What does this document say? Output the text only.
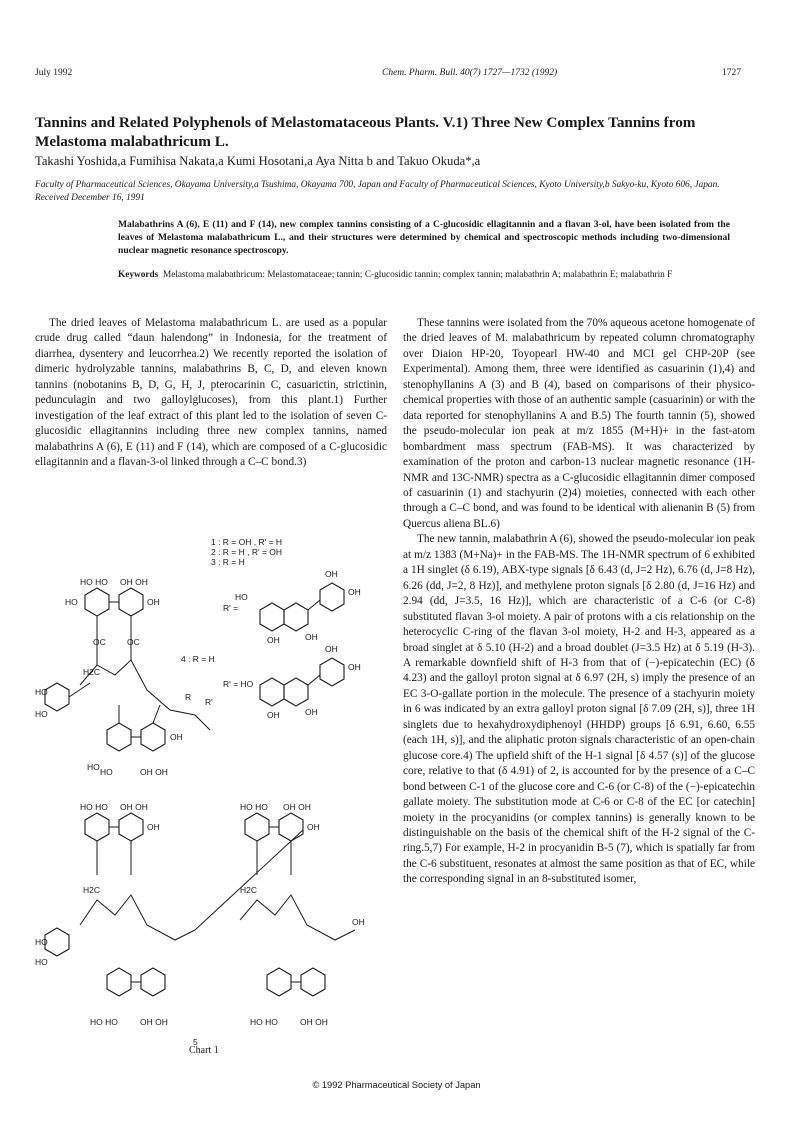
July 1992	Chem. Pharm. Bull. 40(7) 1727—1732 (1992)	1727
Tannins and Related Polyphenols of Melastomataceous Plants. V.1) Three New Complex Tannins from Melastoma malabathricum L.
Takashi Yoshida,a Fumihisa Nakata,a Kumi Hosotani,a Aya Nitta b and Takuo Okuda*,a
Faculty of Pharmaceutical Sciences, Okayama University,a Tsushima, Okayama 700, Japan and Faculty of Pharmaceutical Sciences, Kyoto University,b Sakyo-ku, Kyoto 606, Japan. Received December 16, 1991
Malabathrins A (6), E (11) and F (14), new complex tannins consisting of a C-glucosidic ellagitannin and a flavan 3-ol, have been isolated from the leaves of Melastoma malabathricum L., and their structures were determined by chemical and spectroscopic methods including two-dimensional nuclear magnetic resonance spectroscopy.
Keywords Melastoma malabathricum: Melastomataceae; tannin; C-glucosidic tannin; complex tannin; malabathrin A; malabathrin E; malabathrin F

The dried leaves of Melastoma malabathricum L. are used as a popular crude drug called “daun halendong” in Indonesia, for the treatment of diarrhea, dysentery and leucorrhea.2) We recently reported the isolation of dimeric hydrolyzable tannins, malabathrins B, C, D, and eleven known tannins (nobotanins B, D, G, H, J, pterocarinin C, casuarictin, strictinin, pedunculagin and two galloylglucoses), from this plant.1) Further investigation of the leaf extract of this plant led to the isolation of seven C-glucosidic ellagitannins including three new complex tannins, named malabathrins A (6), E (11) and F (14), which are composed of a C-glucosidic ellagitannin and a flavan-3-ol linked through a C–C bond.3)

1 : R = OH , R' = H
2 : R = H , R' = OH
3 : R = H
HO
HO
HO HO OH OH
OH
HO
OC	OC
H2C
OH
HO HO	OH OH
R R'
R' =
HO	OH
OH
OH	OH
4 : R = H
R' = HO
OH
OH
OH	OH
HO HO OH OH	HO HO OH OH
OH	OH
H2C	H2C
HO
HO
OH
HO HO	OH OH	HO HO	OH OH
5
Chart 1

These tannins were isolated from the 70% aqueous acetone homogenate of the dried leaves of M. malabathricum by repeated column chromatography over Diaion HP-20, Toyopearl HW-40 and MCI gel CHP-20P (see Experimental). Among them, three were identified as casuarinin (1),4) and stenophyllanins A (3) and B (4), based on comparisons of their physico-chemical properties with those of an authentic sample (casuarinin) or with the data reported for stenophyllanins A and B.5) The fourth tannin (5), showed the pseudo-molecular ion peak at m/z 1855 (M+H)+ in the fast-atom bombardment mass spectrum (FAB-MS). It was characterized by examination of the proton and carbon-13 nuclear magnetic resonance (1H-NMR and 13C-NMR) spectra as a C-glucosidic ellagitannin dimer composed of casuarinin (1) and stachyurin (2)4) moieties, connected with each other through a C–C bond, and was found to be identical with alienanin B (5) from Quercus aliena BL.6)

The new tannin, malabathrin A (6), showed the pseudo-molecular ion peak at m/z 1383 (M+Na)+ in the FAB-MS. The 1H-NMR spectrum of 6 exhibited a 1H singlet (δ 6.19), ABX-type signals [δ 6.43 (d, J=2 Hz), 6.76 (d, J=8 Hz), 6.26 (dd, J=2, 8 Hz)], and methylene proton signals [δ 2.80 (d, J=16 Hz) and 2.94 (dd, J=3.5, 16 Hz)], which are characteristic of a C-6 (or C-8) substituted flavan 3-ol moiety. A pair of protons with a cis relationship on the heterocyclic C-ring of the flavan 3-ol moiety, H-2 and H-3, appeared as a broad singlet at δ 5.10 (H-2) and a broad doublet (J=3.5 Hz) at δ 5.19 (H-3). A remarkable downfield shift of H-3 from that of (−)-epicatechin (EC) (δ 4.23) and the galloyl proton signal at δ 6.97 (2H, s) imply the presence of an EC 3-O-gallate portion in the molecule. The presence of a stachyurin moiety in 6 was indicated by an extra galloyl proton signal [δ 7.09 (2H, s)], three 1H singlets due to hexahydroxydiphenoyl (HHDP) groups [δ 6.91, 6.60, 6.55 (each 1H, s)], and the aliphatic proton signals characteristic of an open-chain glucose core.4) The upfield shift of the H-1 signal [δ 4.57 (s)] of the glucose core, relative to that (δ 4.91) of 2, is accounted for by the presence of a C–C bond between C-1 of the glucose core and C-6 (or C-8) of the (−)-epicatechin gallate moiety. The substitution mode at C-6 or C-8 of the EC [or catechin] moiety in the procyanidins (or complex tannins) is generally known to be distinguishable on the basis of the chemical shift of the H-2 signal of the C-ring.5,7) For example, H-2 in procyanidin B-5 (7), which is spatially far from the C-6 substituent, resonates at almost the same position as that of EC, while the corresponding signal in an 8-substituted isomer,

© 1992 Pharmaceutical Society of Japan
